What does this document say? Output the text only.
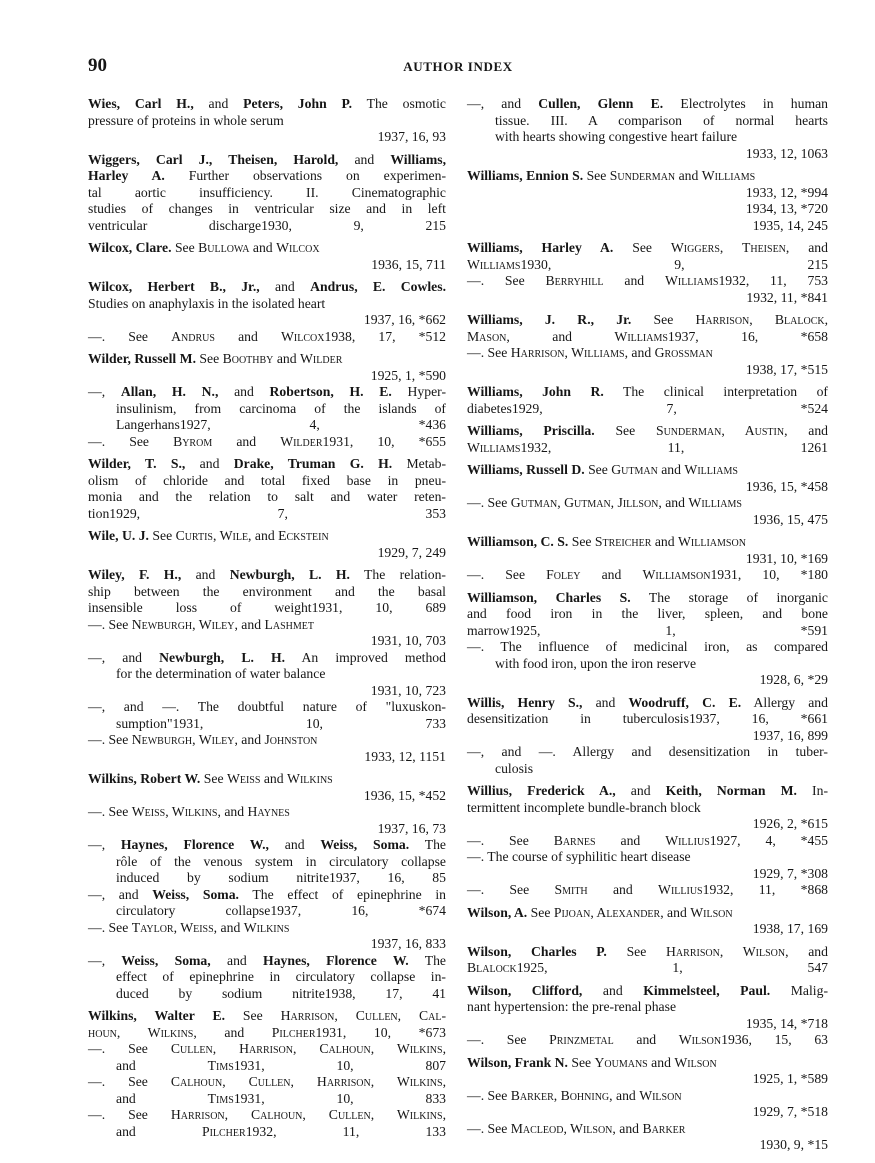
90	AUTHOR INDEX
Wies, Carl H., and Peters, John P. The osmotic
pressure of proteins in whole serum
1937, 16, 93
Wiggers, Carl J., Theisen, Harold, and Williams,
Harley A. Further observations on experimen-
tal aortic insufficiency. II. Cinematographic
studies of changes in ventricular size and in left
ventricular discharge1930, 9, 215
Wilcox, Clare. See Bullowa and Wilcox
1936, 15, 711
Wilcox, Herbert B., Jr., and Andrus, E. Cowles.
Studies on anaphylaxis in the isolated heart
1937, 16, *662
—. See Andrus and Wilcox1938, 17, *512
Wilder, Russell M. See Boothby and Wilder
1925, 1, *590
—, Allan, H. N., and Robertson, H. E. Hyper-
insulinism, from carcinoma of the islands of
Langerhans1927, 4, *436
—. See Byrom and Wilder1931, 10, *655
Wilder, T. S., and Drake, Truman G. H. Metab-
olism of chloride and total fixed base in pneu-
monia and the relation to salt and water reten-
tion1929, 7, 353
Wile, U. J. See Curtis, Wile, and Eckstein
1929, 7, 249
Wiley, F. H., and Newburgh, L. H. The relation-
ship between the environment and the basal
insensible loss of weight1931, 10, 689
—. See Newburgh, Wiley, and Lashmet
1931, 10, 703
—, and Newburgh, L. H. An improved method
for the determination of water balance
1931, 10, 723
—, and —. The doubtful nature of "luxuskon-
sumption"1931, 10, 733
—. See Newburgh, Wiley, and Johnston
1933, 12, 1151
Wilkins, Robert W. See Weiss and Wilkins
1936, 15, *452
—. See Weiss, Wilkins, and Haynes
1937, 16, 73
—, Haynes, Florence W., and Weiss, Soma. The
rôle of the venous system in circulatory collapse
induced by sodium nitrite1937, 16, 85
—, and Weiss, Soma. The effect of epinephrine in
circulatory collapse1937, 16, *674
—. See Taylor, Weiss, and Wilkins
1937, 16, 833
—, Weiss, Soma, and Haynes, Florence W. The
effect of epinephrine in circulatory collapse in-
duced by sodium nitrite1938, 17, 41
Wilkins, Walter E. See Harrison, Cullen, Cal-
houn, Wilkins, and Pilcher1931, 10, *673
—. See Cullen, Harrison, Calhoun, Wilkins,
and Tims1931, 10, 807
—. See Calhoun, Cullen, Harrison, Wilkins,
and Tims1931, 10, 833
—. See Harrison, Calhoun, Cullen, Wilkins,
and Pilcher1932, 11, 133
—, and Cullen, Glenn E. Electrolytes in human
tissue. III. A comparison of normal hearts
with hearts showing congestive heart failure
1933, 12, 1063
Williams, Ennion S. See Sunderman and Williams
1933, 12, *994
1934, 13, *720
1935, 14, 245
Williams, Harley A. See Wiggers, Theisen, and
Williams1930, 9, 215
—. See Berryhill and Williams1932, 11, 753
1932, 11, *841
Williams, J. R., Jr. See Harrison, Blalock,
Mason, and Williams1937, 16, *658
—. See Harrison, Williams, and Grossman
1938, 17, *515
Williams, John R. The clinical interpretation of
diabetes1929, 7, *524
Williams, Priscilla. See Sunderman, Austin, and
Williams1932, 11, 1261
Williams, Russell D. See Gutman and Williams
1936, 15, *458
—. See Gutman, Gutman, Jillson, and Williams
1936, 15, 475
Williamson, C. S. See Streicher and Williamson
1931, 10, *169
—. See Foley and Williamson1931, 10, *180
Williamson, Charles S. The storage of inorganic
and food iron in the liver, spleen, and bone
marrow1925, 1, *591
—. The influence of medicinal iron, as compared
with food iron, upon the iron reserve
1928, 6, *29
Willis, Henry S., and Woodruff, C. E. Allergy and
desensitization in tuberculosis1937, 16, *661
1937, 16, 899
—, and —. Allergy and desensitization in tuber-
culosis
Willius, Frederick A., and Keith, Norman M. In-
termittent incomplete bundle-branch block
1926, 2, *615
—. See Barnes and Willius1927, 4, *455
—. The course of syphilitic heart disease
1929, 7, *308
—. See Smith and Willius1932, 11, *868
Wilson, A. See Pijoan, Alexander, and Wilson
1938, 17, 169
Wilson, Charles P. See Harrison, Wilson, and
Blalock1925, 1, 547
Wilson, Clifford, and Kimmelsteel, Paul. Malig-
nant hypertension: the pre-renal phase
1935, 14, *718
—. See Prinzmetal and Wilson1936, 15, 63
Wilson, Frank N. See Youmans and Wilson
1925, 1, *589
—. See Barker, Bohning, and Wilson
1929, 7, *518
—. See Macleod, Wilson, and Barker
1930, 9, *15
